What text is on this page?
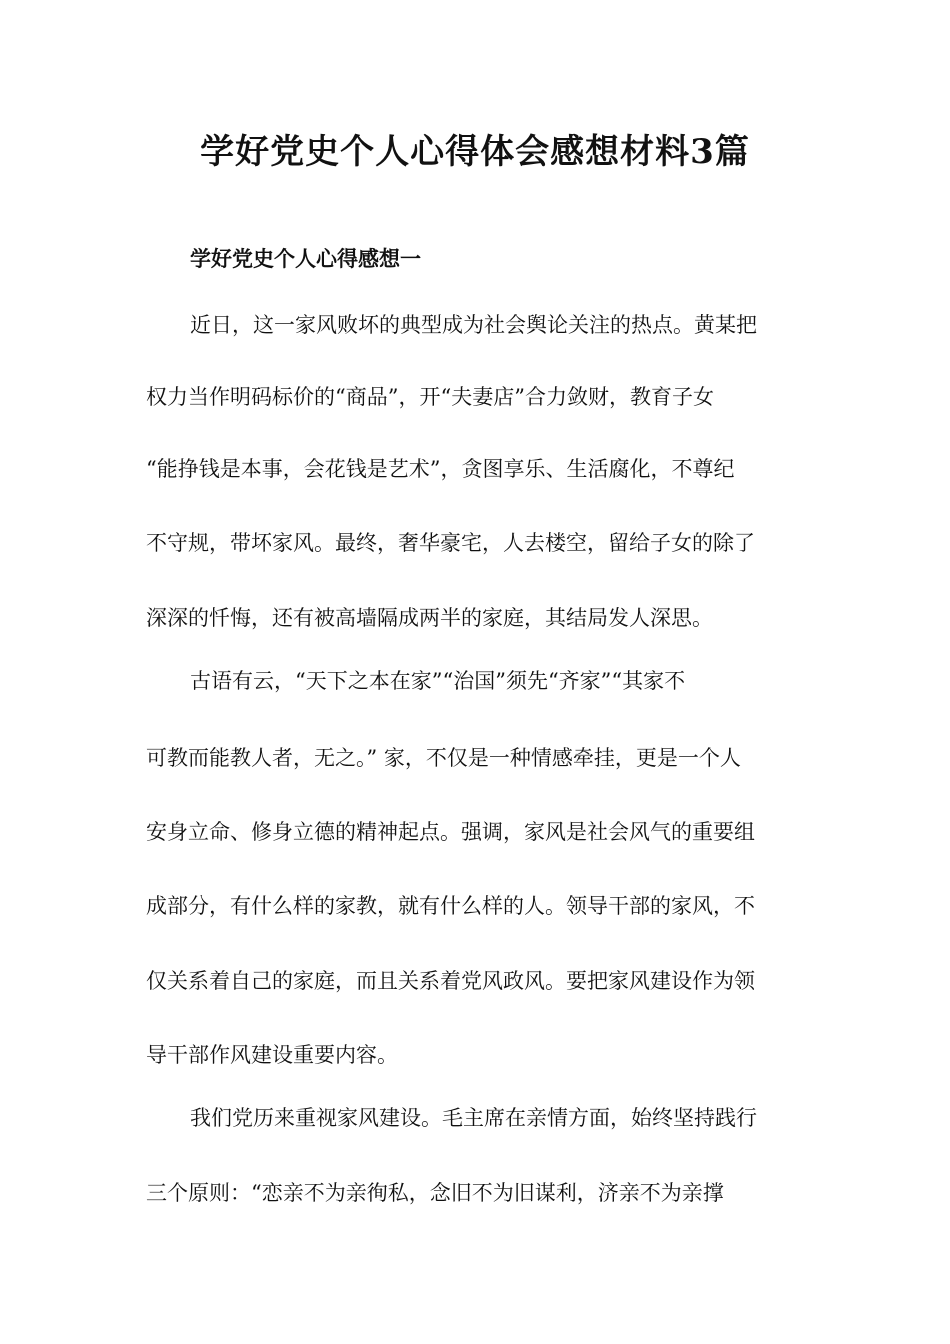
学好党史个人心得体会感想材料3篇
学好党史个人心得感想一

近日，这一家风败坏的典型成为社会舆论关注的热点。黄某把

权力当作明码标价的“商品”，开“夫妻店”合力敛财，教育子女

“能挣钱是本事，会花钱是艺术”，贪图享乐、生活腐化，不尊纪

不守规，带坏家风。最终，奢华豪宅，人去楼空，留给子女的除了

深深的忏悔，还有被高墙隔成两半的家庭，其结局发人深思。

古语有云，“天下之本在家”“治国”须先“齐家”“其家不

可教而能教人者，无之。” 家，不仅是一种情感牵挂，更是一个人

安身立命、修身立德的精神起点。强调，家风是社会风气的重要组

成部分，有什么样的家教，就有什么样的人。领导干部的家风，不

仅关系着自己的家庭，而且关系着党风政风。要把家风建设作为领

导干部作风建设重要内容。

我们党历来重视家风建设。毛主席在亲情方面，始终坚持践行

三个原则：“恋亲不为亲徇私，念旧不为旧谋利，济亲不为亲撑
